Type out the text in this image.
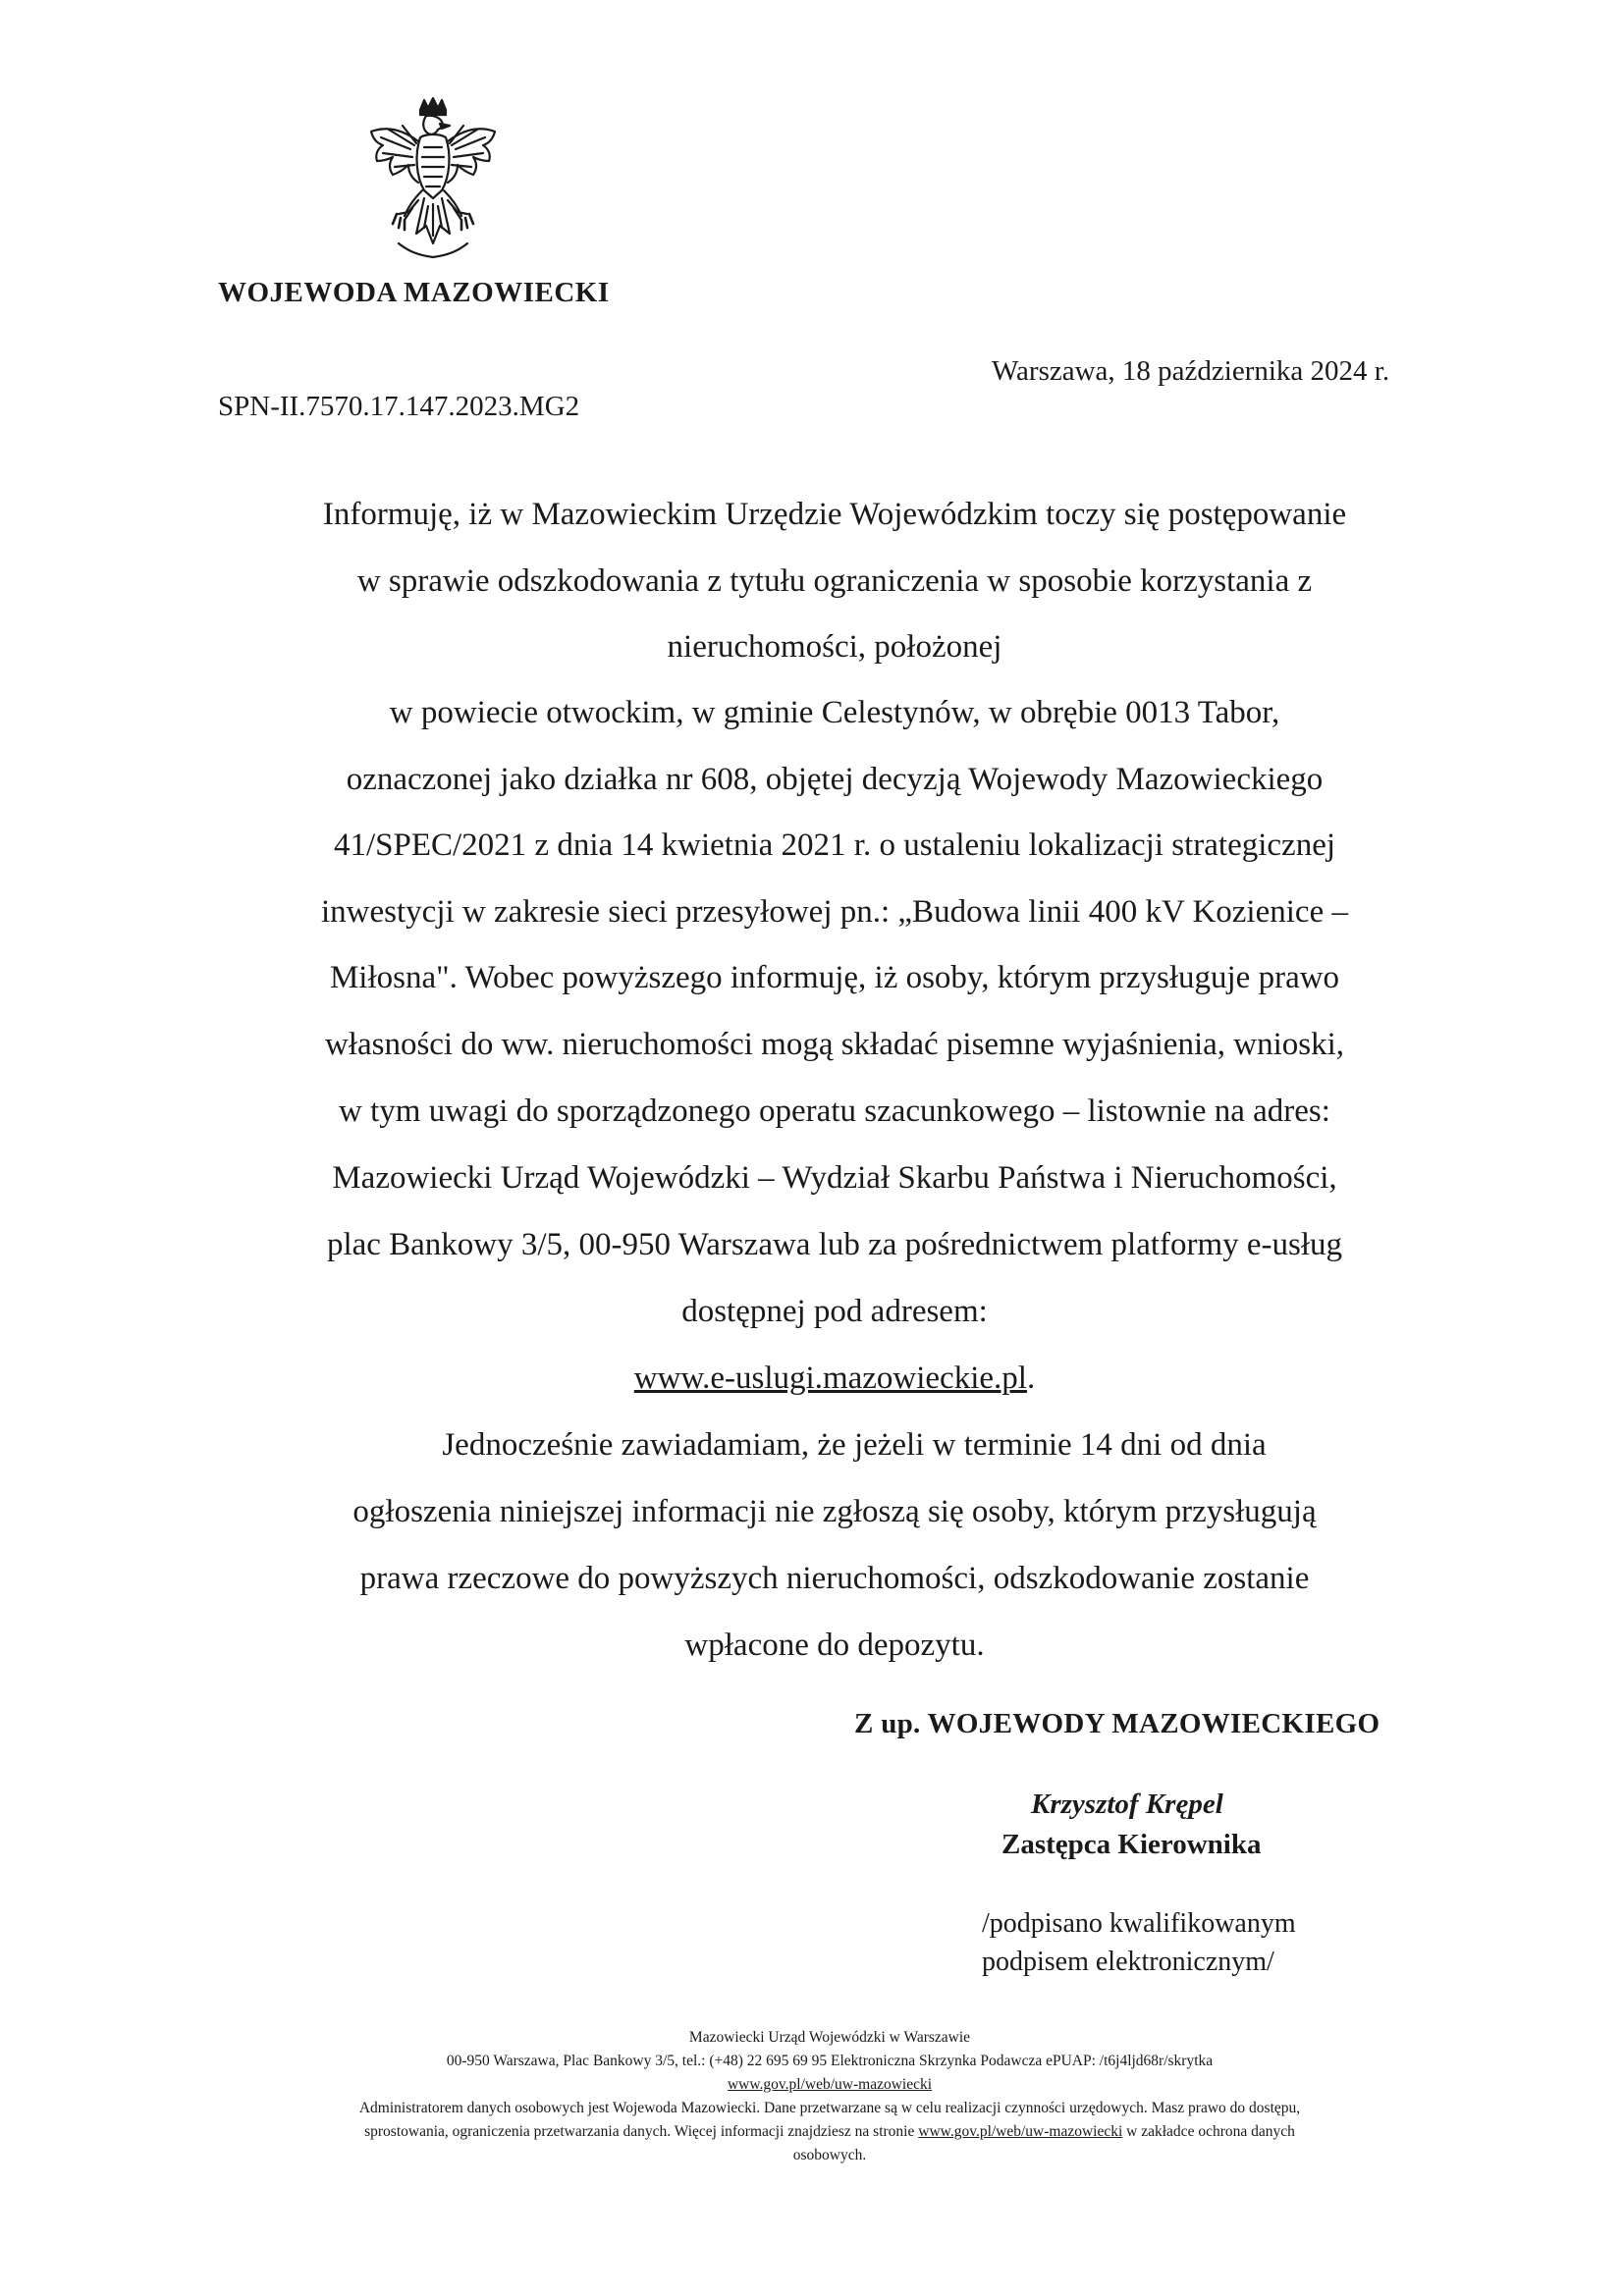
WOJEWODA MAZOWIECKI
Warszawa, 18 października 2024 r.
SPN-II.7570.17.147.2023.MG2
Informuję, iż w Mazowieckim Urzędzie Wojewódzkim toczy się postępowanie
w sprawie odszkodowania z tytułu ograniczenia w sposobie korzystania z
nieruchomości, położonej
w powiecie otwockim, w gminie Celestynów, w obrębie 0013 Tabor,
oznaczonej jako działka nr 608, objętej decyzją Wojewody Mazowieckiego
41/SPEC/2021 z dnia 14 kwietnia 2021 r. o ustaleniu lokalizacji strategicznej
inwestycji w zakresie sieci przesyłowej pn.: „Budowa linii 400 kV Kozienice –
Miłosna". Wobec powyższego informuję, iż osoby, którym przysługuje prawo
własności do ww. nieruchomości mogą składać pisemne wyjaśnienia, wnioski,
w tym uwagi do sporządzonego operatu szacunkowego – listownie na adres:
Mazowiecki Urząd Wojewódzki – Wydział Skarbu Państwa i Nieruchomości,
plac Bankowy 3/5, 00-950 Warszawa lub za pośrednictwem platformy e-usług
dostępnej pod adresem:
www.e-uslugi.mazowieckie.pl.
Jednocześnie zawiadamiam, że jeżeli w terminie 14 dni od dnia
ogłoszenia niniejszej informacji nie zgłoszą się osoby, którym przysługują
prawa rzeczowe do powyższych nieruchomości, odszkodowanie zostanie
wpłacone do depozytu.
Z up. WOJEWODY MAZOWIECKIEGO
Krzysztof Krępel
Zastępca Kierownika
/podpisano kwalifikowanym
podpisem elektronicznym/
Mazowiecki Urząd Wojewódzki w Warszawie
00-950 Warszawa, Plac Bankowy 3/5, tel.: (+48) 22 695 69 95 Elektroniczna Skrzynka Podawcza ePUAP: /t6j4ljd68r/skrytka
www.gov.pl/web/uw-mazowiecki
Administratorem danych osobowych jest Wojewoda Mazowiecki. Dane przetwarzane są w celu realizacji czynności urzędowych. Masz prawo do dostępu,
sprostowania, ograniczenia przetwarzania danych. Więcej informacji znajdziesz na stronie www.gov.pl/web/uw-mazowiecki w zakładce ochrona danych
osobowych.
